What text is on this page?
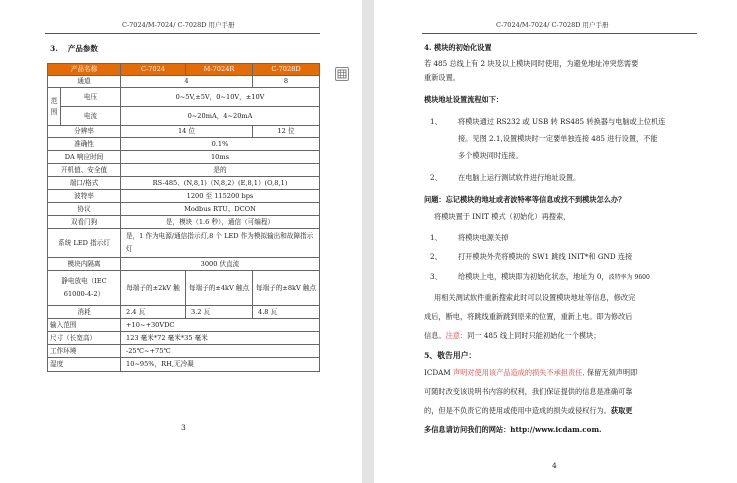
C-7024/M-7024/ C-7028D 用户手册
3. 产品参数
产品名称		C-7024	M-7024R	C-7028D
通道		4		8
范围	电压	0~5V,±5V，0~10V，±10V		
	电流	0~20mA，4~20mA		
分辨率		14 位		12 位
准确性		0.1%		
DA 响应时间		10ms		
开机值、安全值		是的		
端口/格式		RS-485、(N,8,1)（N,8,2）(E,8,1）(O,8,1)		
波特率		1200 至 115200 bps		
协议		Modbus RTU、DCON		
双看门狗		是，模块（1.6 秒），通信（可编程）		
系统 LED 指示灯		是，1 作为电源/通信指示灯,8 个 LED 作为模拟输出和故障指示灯		
模块内隔离		3000 伏直流		
静电放电（IEC 61000-4-2）		每端子的±2kV 触	每端子的±4kV 触点	每端子的±8kV 触点
消耗		2.4 瓦	3.2 瓦	4.8 瓦
输入范围		+10~+30VDC		
尺寸（长宽高）		123 毫米*72 毫米*35 毫米		
工作环境		-25℃~+75℃		
湿度		10~95%，RH,无冷凝		
3
C-7024/M-7024/ C-7028D 用户手册
4. 模块的初始化设置
若 485 总线上有 2 块及以上模块同时使用，为避免地址冲突您需要
重新设置。
模块地址设置流程如下：
1、 将模块通过 RS232 或 USB 转 RS485 转换器与电脑或上位机连
接。见图 2.1,设置模块时一定要单独连接 485 进行设置，不能
多个模块同时连接。
2、 在电脑上运行测试软件进行地址设置。
问题：忘记模块的地址或者波特率等信息或找不到模块怎么办？
将模块置于 INIT 模式（初始化）再搜索，
1、 将模块电源关掉
2、 打开模块外壳将模块的 SW1 跳线 INIT*和 GND 连接
3、 给模块上电，模块即为初始化状态，地址为 0，波特率为 9600
用相关测试软件重新搜索此时可以设置模块地址等信息，修改完
成后，断电，将跳线重新跳到原来的位置，重新上电。即为修改后
信息。注意：同一 485 线上同时只能初始化一个模块；
5、敬告用户：
ICDAM 声明对使用该产品造成的损失不承担责任, 保留无须声明即
可随时改变该说明书内容的权利，我们保证提供的信息是准确可靠
的，但是不负责它的使用或使用中造成的损失或侵权行为。获取更
多信息请访问我们的网站：http://www.icdam.com.
4
